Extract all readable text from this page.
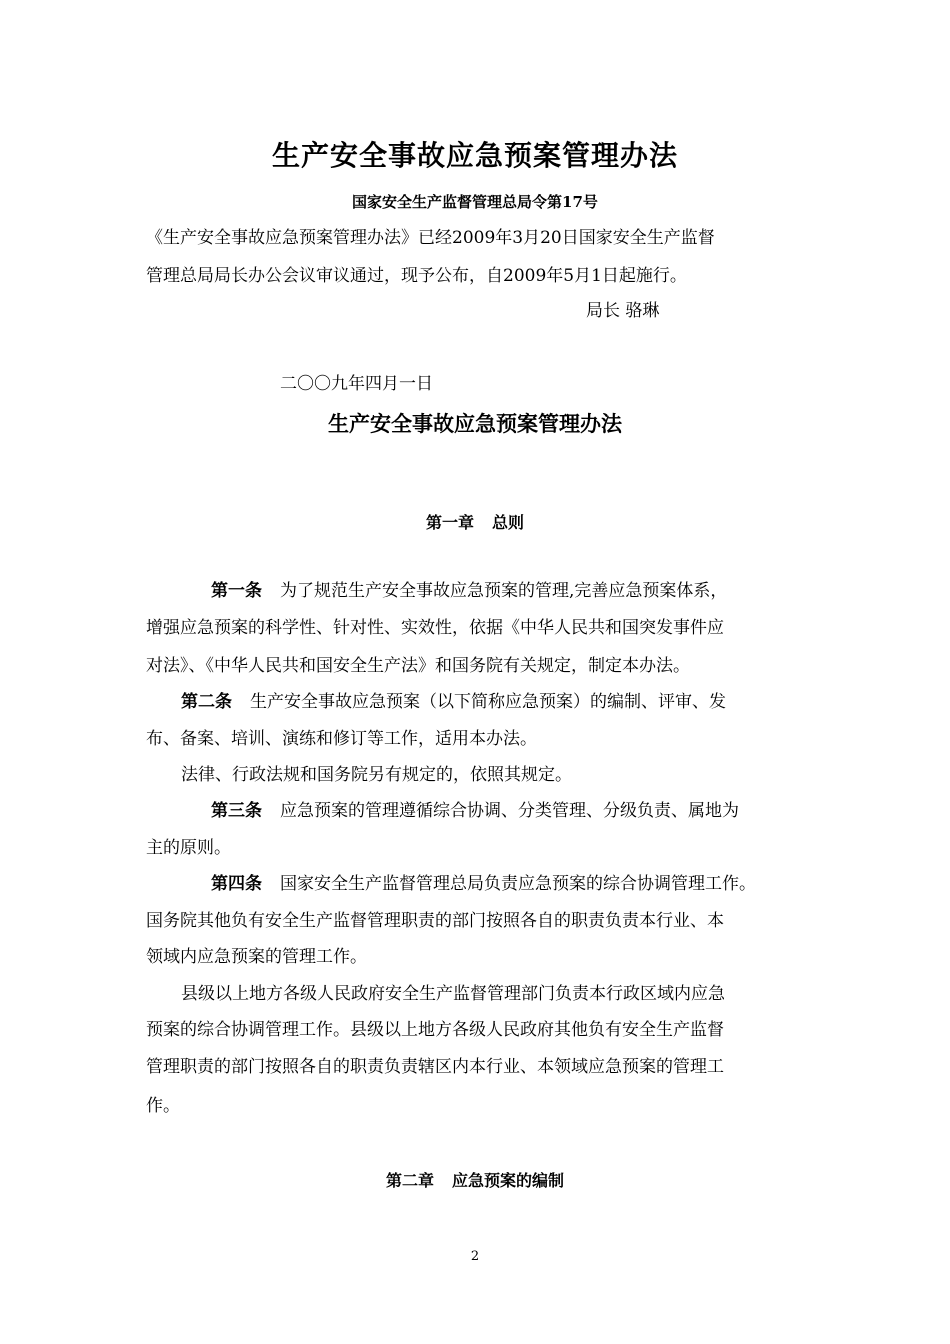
生产安全事故应急预案管理办法
国家安全生产监督管理总局令第17号
《生产安全事故应急预案管理办法》已经2009年3月20日国家安全生产监督
管理总局局长办公会议审议通过，现予公布，自2009年5月1日起施行。
局长 骆琳
二〇〇九年四月一日
生产安全事故应急预案管理办法
第一章 总则
第一条 为了规范生产安全事故应急预案的管理,完善应急预案体系，
增强应急预案的科学性、针对性、实效性，依据《中华人民共和国突发事件应
对法》、《中华人民共和国安全生产法》和国务院有关规定，制定本办法。
第二条 生产安全事故应急预案（以下简称应急预案）的编制、评审、发
布、备案、培训、演练和修订等工作，适用本办法。
法律、行政法规和国务院另有规定的，依照其规定。
第三条 应急预案的管理遵循综合协调、分类管理、分级负责、属地为
主的原则。
第四条 国家安全生产监督管理总局负责应急预案的综合协调管理工作。
国务院其他负有安全生产监督管理职责的部门按照各自的职责负责本行业、本
领域内应急预案的管理工作。
县级以上地方各级人民政府安全生产监督管理部门负责本行政区域内应急
预案的综合协调管理工作。县级以上地方各级人民政府其他负有安全生产监督
管理职责的部门按照各自的职责负责辖区内本行业、本领域应急预案的管理工
作。
第二章 应急预案的编制
2
